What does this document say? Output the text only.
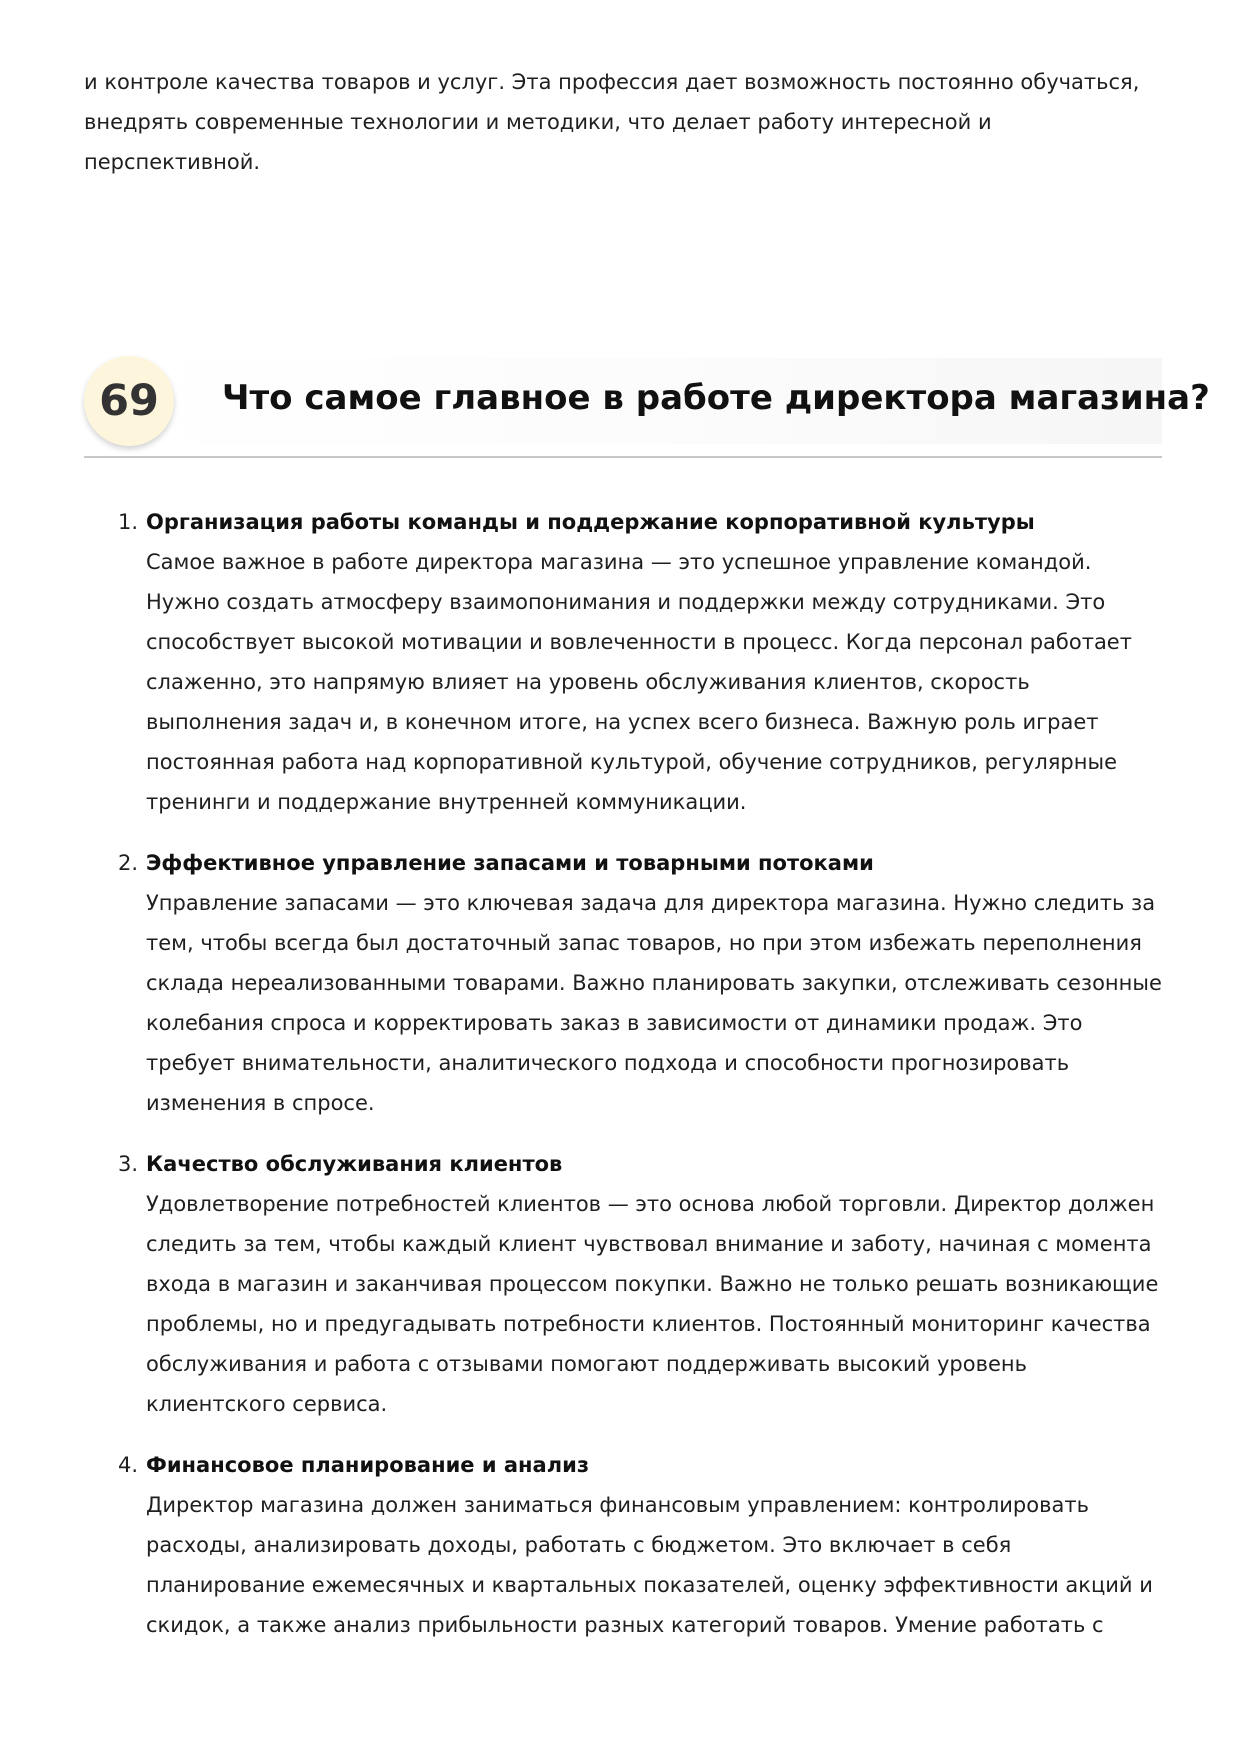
и контроле качества товаров и услуг. Эта профессия дает возможность постоянно обучаться, внедрять современные технологии и методики, что делает работу интересной и перспективной.

69	Что самое главное в работе директора магазина?
1. Организация работы команды и поддержание корпоративной культуры
Самое важное в работе директора магазина — это успешное управление командой. Нужно создать атмосферу взаимопонимания и поддержки между сотрудниками. Это способствует высокой мотивации и вовлеченности в процесс. Когда персонал работает слаженно, это напрямую влияет на уровень обслуживания клиентов, скорость выполнения задач и, в конечном итоге, на успех всего бизнеса. Важную роль играет постоянная работа над корпоративной культурой, обучение сотрудников, регулярные тренинги и поддержание внутренней коммуникации.
2. Эффективное управление запасами и товарными потоками
Управление запасами — это ключевая задача для директора магазина. Нужно следить за тем, чтобы всегда был достаточный запас товаров, но при этом избежать переполнения склада нереализованными товарами. Важно планировать закупки, отслеживать сезонные колебания спроса и корректировать заказ в зависимости от динамики продаж. Это требует внимательности, аналитического подхода и способности прогнозировать изменения в спросе.
3. Качество обслуживания клиентов
Удовлетворение потребностей клиентов — это основа любой торговли. Директор должен следить за тем, чтобы каждый клиент чувствовал внимание и заботу, начиная с момента входа в магазин и заканчивая процессом покупки. Важно не только решать возникающие проблемы, но и предугадывать потребности клиентов. Постоянный мониторинг качества обслуживания и работа с отзывами помогают поддерживать высокий уровень клиентского сервиса.
4. Финансовое планирование и анализ
Директор магазина должен заниматься финансовым управлением: контролировать расходы, анализировать доходы, работать с бюджетом. Это включает в себя планирование ежемесячных и квартальных показателей, оценку эффективности акций и скидок, а также анализ прибыльности разных категорий товаров. Умение работать с
